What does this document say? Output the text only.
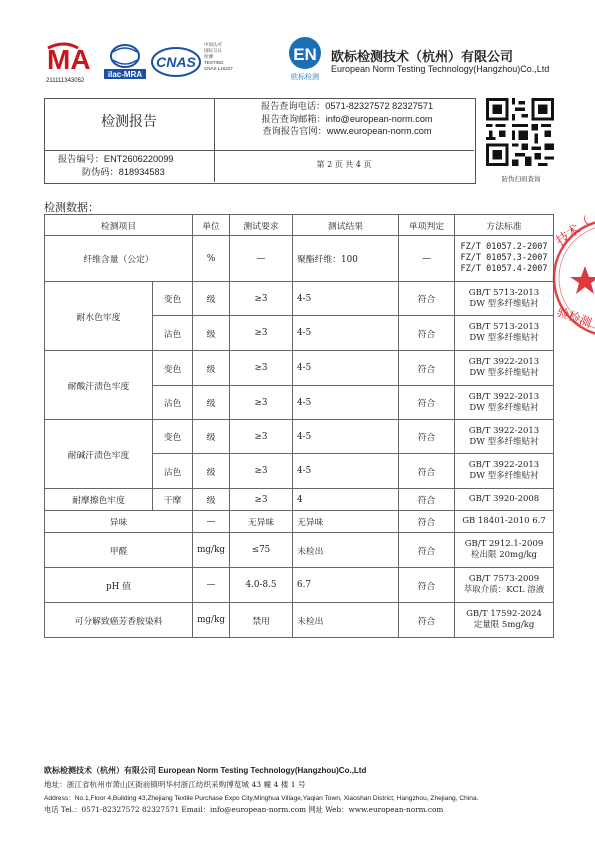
MA
211111343052
ilac-MRA
CNAS
中国认可
国际互认
检测
TESTING
CNAS L16227
EN
欧标检测
欧标检测技术（杭州）有限公司
European Norm Testing Technology(Hangzhou)Co.,Ltd
检测报告
报告查询电话：0571-82327572 82327571
报告查询邮箱：info@european-norm.com
查询报告官网：www.european-norm.com
报告编号：ENT2606220099
防伪码：818934583
第 2 页 共 4 页
防伪扫码查询
检测数据：
检测项目		单位	测试要求	测试结果	单项判定	方法标准
纤维含量（公定）		%	—	聚酯纤维：100	—	FZ/T 01057.2-2007
FZ/T 01057.3-2007
FZ/T 01057.4-2007

耐水色牢度	变色	级	≥3	4-5	符合	GB/T 5713-2013
DW 型多纤维贴衬

	沾色	级	≥3	4-5	符合	GB/T 5713-2013
DW 型多纤维贴衬

耐酸汗渍色牢度	变色	级	≥3	4-5	符合	GB/T 3922-2013
DW 型多纤维贴衬

	沾色	级	≥3	4-5	符合	GB/T 3922-2013
DW 型多纤维贴衬

耐碱汗渍色牢度	变色	级	≥3	4-5	符合	GB/T 3922-2013
DW 型多纤维贴衬

	沾色	级	≥3	4-5	符合	GB/T 3922-2013
DW 型多纤维贴衬

耐摩擦色牢度	干摩	级	≥3	4	符合	GB/T 3920-2008
异味		—	无异味	无异味	符合	GB 18401-2010 6.7
甲醛		mg/kg	≤75	未检出	符合	GB/T 2912.1-2009
检出限 20mg/kg

pH 值		—	4.0-8.5	6.7	符合	GB/T 7573-2009
萃取介质：KCL 溶液

可分解致癌芳香胺染料		mg/kg	禁用	未检出	符合	GB/T 17592-2024
定量限 5mg/kg
技术（
验检测
欧标检测技术（杭州）有限公司 European Norm Testing Technology(Hangzhou)Co.,Ltd
地址：浙江省杭州市萧山区衙前镇明华村浙江纺织采购博览城 43 幢 4 楼 1 号
Address：No.1,Floor 4,Building 43,Zhejiang Textile Purchase Expo City,Minghua Village,Yaqian Town, Xiaoshan District, Hangzhou, Zhejiang, China.
电话 Tel.：0571-82327572 82327571 Email：info@european-norm.com 网址 Web：www.european-norm.com
